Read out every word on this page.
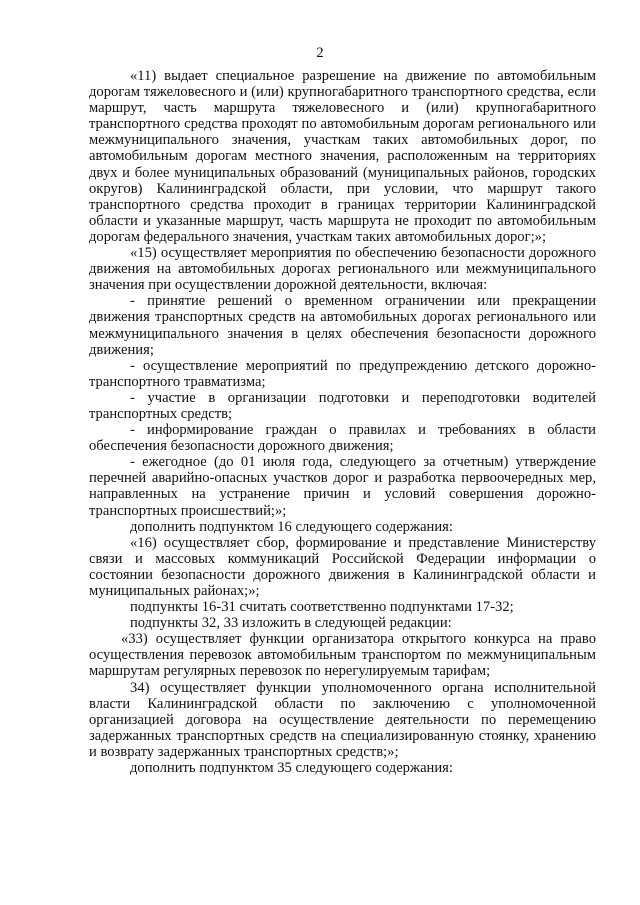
2

«11) выдает специальное разрешение на движение по автомобильным дорогам тяжеловесного и (или) крупногабаритного транспортного средства, если маршрут, часть маршрута тяжеловесного и (или) крупногабаритного транспортного средства проходят по автомобильным дорогам регионального или межмуниципального значения, участкам таких автомобильных дорог, по автомобильным дорогам местного значения, расположенным на территориях двух и более муниципальных образований (муниципальных районов, городских округов) Калининградской области, при условии, что маршрут такого транспортного средства проходит в границах территории Калининградской области и указанные маршрут, часть маршрута не проходит по автомобильным дорогам федерального значения, участкам таких автомобильных дорог;»;

«15) осуществляет мероприятия по обеспечению безопасности дорожного движения на автомобильных дорогах регионального или межмуниципального значения при осуществлении дорожной деятельности, включая:

- принятие решений о временном ограничении или прекращении движения транспортных средств на автомобильных дорогах регионального или межмуниципального значения в целях обеспечения безопасности дорожного движения;

- осуществление мероприятий по предупреждению детского дорожно-транспортного травматизма;

- участие в организации подготовки и переподготовки водителей транспортных средств;

- информирование граждан о правилах и требованиях в области обеспечения безопасности дорожного движения;

- ежегодное (до 01 июля года, следующего за отчетным) утверждение перечней аварийно-опасных участков дорог и разработка первоочередных мер, направленных на устранение причин и условий совершения дорожно-транспортных происшествий;»;

дополнить подпунктом 16 следующего содержания:

«16) осуществляет сбор, формирование и представление Министерству связи и массовых коммуникаций Российской Федерации информации о состоянии безопасности дорожного движения в Калининградской области и муниципальных районах;»;

подпункты 16-31 считать соответственно подпунктами 17-32;

подпункты 32, 33 изложить в следующей редакции:

«33) осуществляет функции организатора открытого конкурса на право осуществления перевозок автомобильным транспортом по межмуниципальным маршрутам регулярных перевозок по нерегулируемым тарифам;

34) осуществляет функции уполномоченного органа исполнительной власти Калининградской области по заключению с уполномоченной организацией договора на осуществление деятельности по перемещению задержанных транспортных средств на специализированную стоянку, хранению и возврату задержанных транспортных средств;»;

дополнить подпунктом 35 следующего содержания:
